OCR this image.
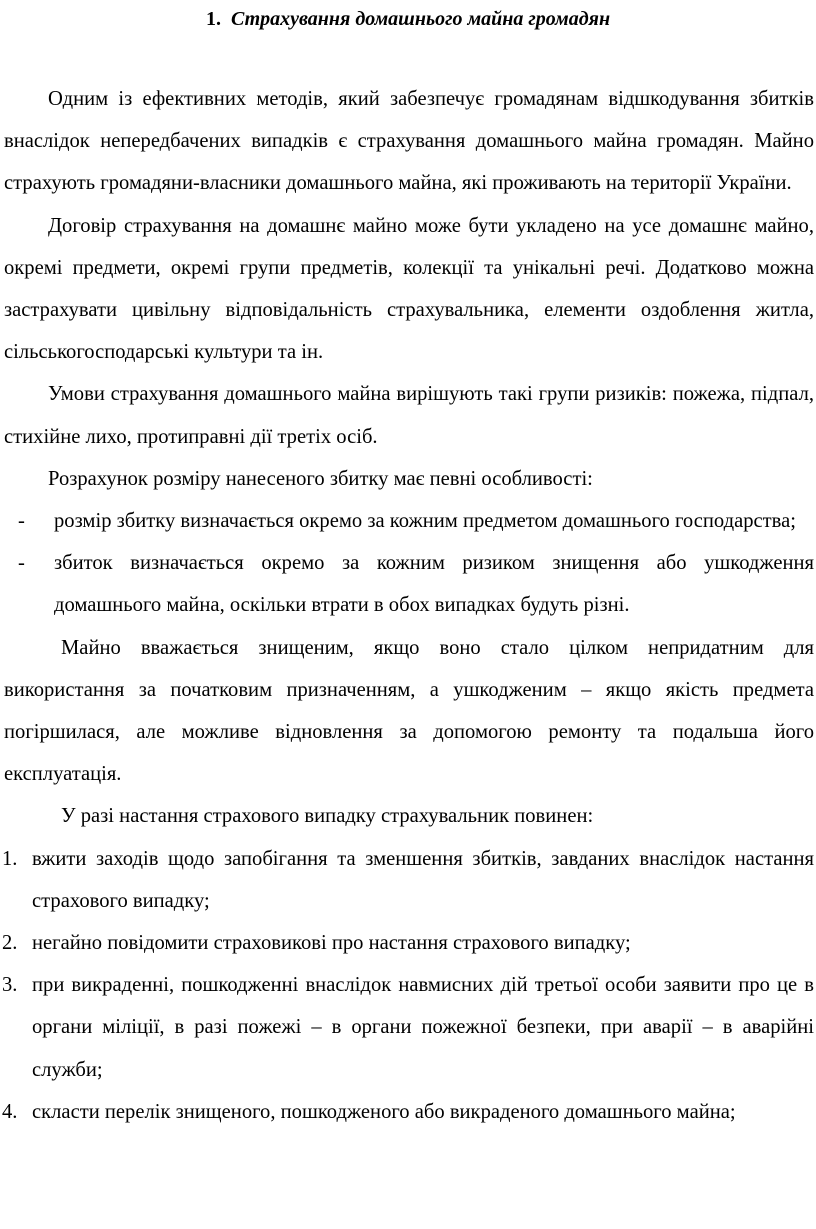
1. Страхування домашнього майна громадян

Одним із ефективних методів, який забезпечує громадянам відшкодування збитків внаслідок непередбачених випадків є страхування домашнього майна громадян. Майно страхують громадяни-власники домашнього майна, які проживають на території України.

Договір страхування на домашнє майно може бути укладено на усе домашнє майно, окремі предмети, окремі групи предметів, колекції та унікальні речі. Додатково можна застрахувати цивільну відповідальність страхувальника, елементи оздоблення житла, сільськогосподарські культури та ін.

Умови страхування домашнього майна вирішують такі групи ризиків: пожежа, підпал, стихійне лихо, протиправні дії третіх осіб.

Розрахунок розміру нанесеного збитку має певні особливості:

- розмір збитку визначається окремо за кожним предметом домашнього господарства;
- збиток визначається окремо за кожним ризиком знищення або ушкодження домашнього майна, оскільки втрати в обох випадках будуть різні.

Майно вважається знищеним, якщо воно стало цілком непридатним для використання за початковим призначенням, а ушкодженим – якщо якість предмета погіршилася, але можливе відновлення за допомогою ремонту та подальша його експлуатація.

У разі настання страхового випадку страхувальник повинен:

1. вжити заходів щодо запобігання та зменшення збитків, завданих внаслідок настання страхового випадку;
2. негайно повідомити страховикові про настання страхового випадку;
3. при викраденні, пошкодженні внаслідок навмисних дій третьої особи заявити про це в органи міліції, в разі пожежі – в органи пожежної безпеки, при аварії – в аварійні служби;
4. скласти перелік знищеного, пошкодженого або викраденого домашнього майна;
